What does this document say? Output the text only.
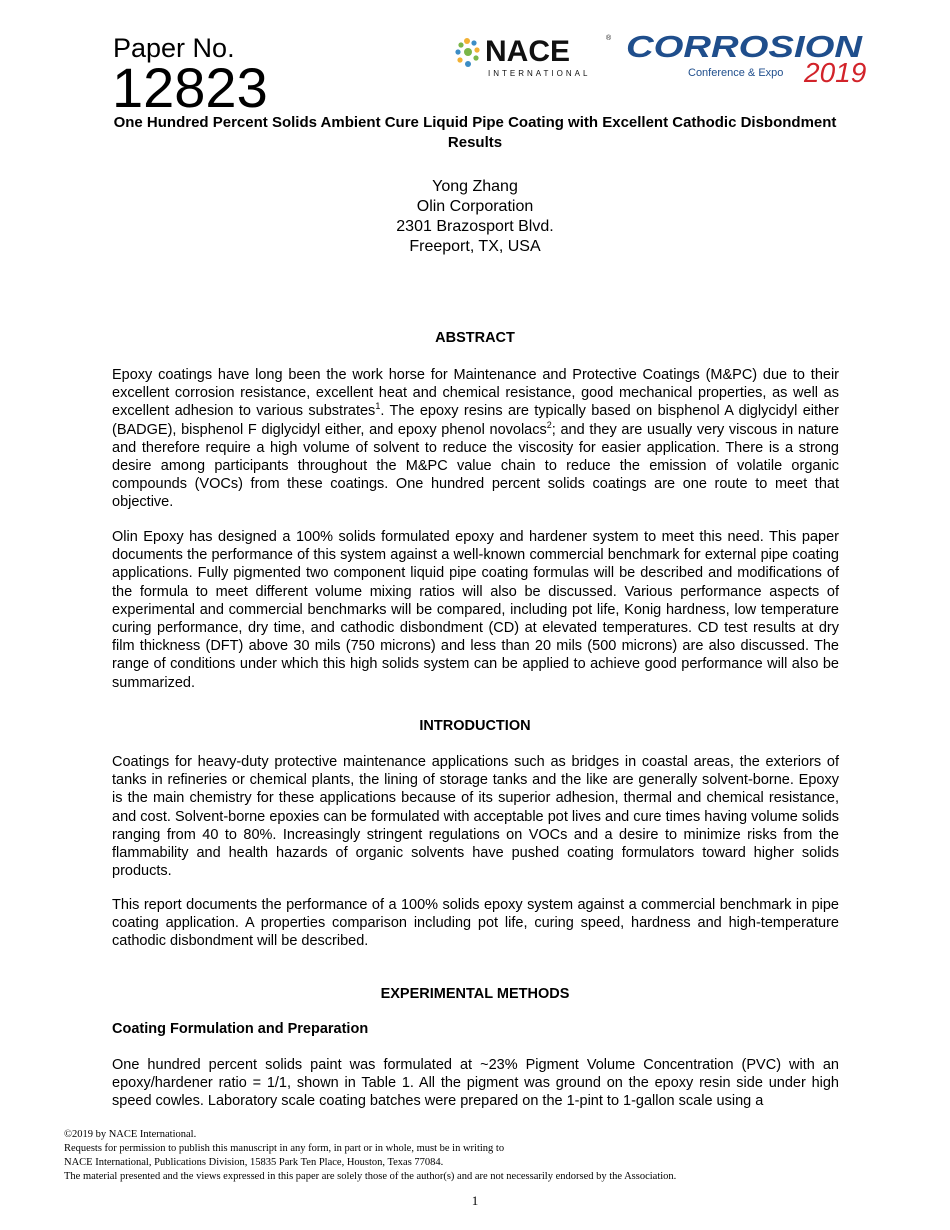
Paper No.
12823
NACE
INTERNATIONAL
® CORROSION
Conference & Expo 2019
One Hundred Percent Solids Ambient Cure Liquid Pipe Coating with Excellent Cathodic Disbondment Results
Yong Zhang
Olin Corporation
2301 Brazosport Blvd.
Freeport, TX, USA
ABSTRACT
Epoxy coatings have long been the work horse for Maintenance and Protective Coatings (M&PC) due to their excellent corrosion resistance, excellent heat and chemical resistance, good mechanical properties, as well as excellent adhesion to various substrates$^1$. The epoxy resins are typically based on bisphenol A diglycidyl either (BADGE), bisphenol F diglycidyl either, and epoxy phenol novolacs$^2$; and they are usually very viscous in nature and therefore require a high volume of solvent to reduce the viscosity for easier application. There is a strong desire among participants throughout the M&PC value chain to reduce the emission of volatile organic compounds (VOCs) from these coatings. One hundred percent solids coatings are one route to meet that objective.
Olin Epoxy has designed a 100% solids formulated epoxy and hardener system to meet this need. This paper documents the performance of this system against a well-known commercial benchmark for external pipe coating applications. Fully pigmented two component liquid pipe coating formulas will be described and modifications of the formula to meet different volume mixing ratios will also be discussed. Various performance aspects of experimental and commercial benchmarks will be compared, including pot life, Konig hardness, low temperature curing performance, dry time, and cathodic disbondment (CD) at elevated temperatures. CD test results at dry film thickness (DFT) above 30 mils (750 microns) and less than 20 mils (500 microns) are also discussed. The range of conditions under which this high solids system can be applied to achieve good performance will also be summarized.
INTRODUCTION
Coatings for heavy-duty protective maintenance applications such as bridges in coastal areas, the exteriors of tanks in refineries or chemical plants, the lining of storage tanks and the like are generally solvent-borne. Epoxy is the main chemistry for these applications because of its superior adhesion, thermal and chemical resistance, and cost. Solvent-borne epoxies can be formulated with acceptable pot lives and cure times having volume solids ranging from 40 to 80%. Increasingly stringent regulations on VOCs and a desire to minimize risks from the flammability and health hazards of organic solvents have pushed coating formulators toward higher solids products.
This report documents the performance of a 100% solids epoxy system against a commercial benchmark in pipe coating application. A properties comparison including pot life, curing speed, hardness and high-temperature cathodic disbondment will be described.
EXPERIMENTAL METHODS
Coating Formulation and Preparation
One hundred percent solids paint was formulated at ~23% Pigment Volume Concentration (PVC) with an epoxy/hardener ratio = 1/1, shown in Table 1. All the pigment was ground on the epoxy resin side under high speed cowles. Laboratory scale coating batches were prepared on the 1-pint to 1-gallon scale using a
©2019 by NACE International.
Requests for permission to publish this manuscript in any form, in part or in whole, must be in writing to
NACE International, Publications Division, 15835 Park Ten Place, Houston, Texas 77084.
The material presented and the views expressed in this paper are solely those of the author(s) and are not necessarily endorsed by the Association.
1
